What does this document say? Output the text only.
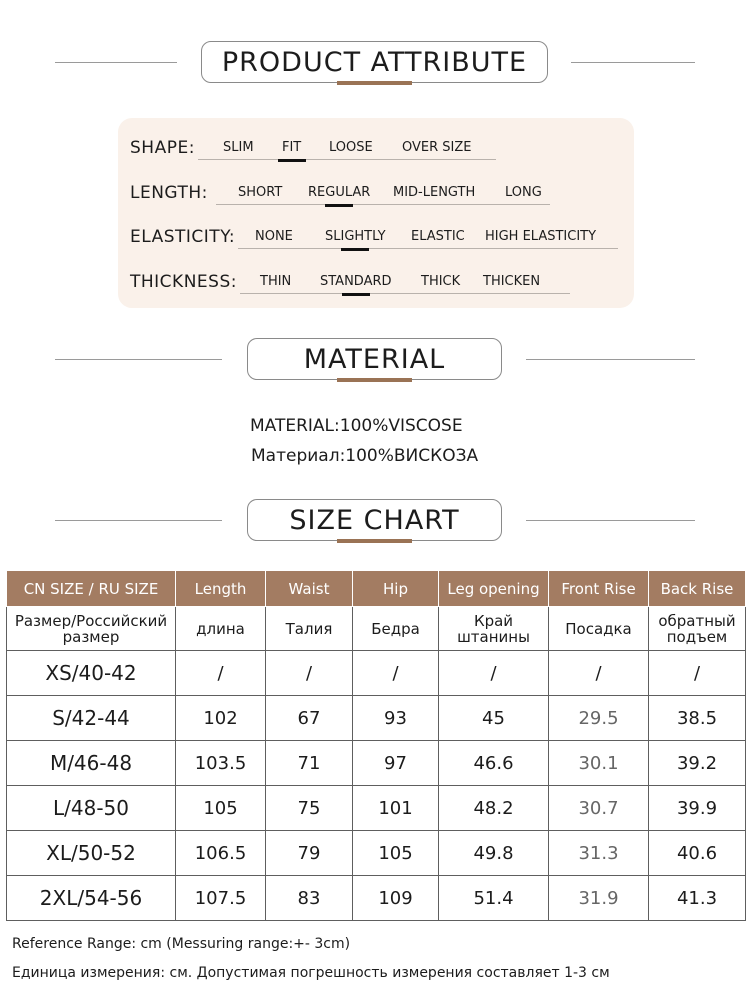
PRODUCT ATTRIBUTE
SHAPE: SLIM FIT LOOSE OVER SIZE
LENGTH: SHORT REGULAR MID-LENGTH LONG
ELASTICITY: NONE SLIGHTLY ELASTIC HIGH ELASTICITY
THICKNESS: THIN STANDARD THICK THICKEN
MATERIAL
MATERIAL:100%VISCOSE
Материал:100%ВИСКОЗА
SIZE CHART
CN SIZE / RU SIZE	Length	Waist	Hip	Leg opening	Front Rise	Back Rise
Размер/Российский размер	длина	Талия	Бедра	Край штанины	Посадка	обратный подъем
XS/40-42	/	/	/	/	/	/
S/42-44	102	67	93	45	29.5	38.5
M/46-48	103.5	71	97	46.6	30.1	39.2
L/48-50	105	75	101	48.2	30.7	39.9
XL/50-52	106.5	79	105	49.8	31.3	40.6
2XL/54-56	107.5	83	109	51.4	31.9	41.3
Reference Range: cm (Messuring range:+- 3cm)
Единица измерения: см. Допустимая погрешность измерения составляет 1-3 см
